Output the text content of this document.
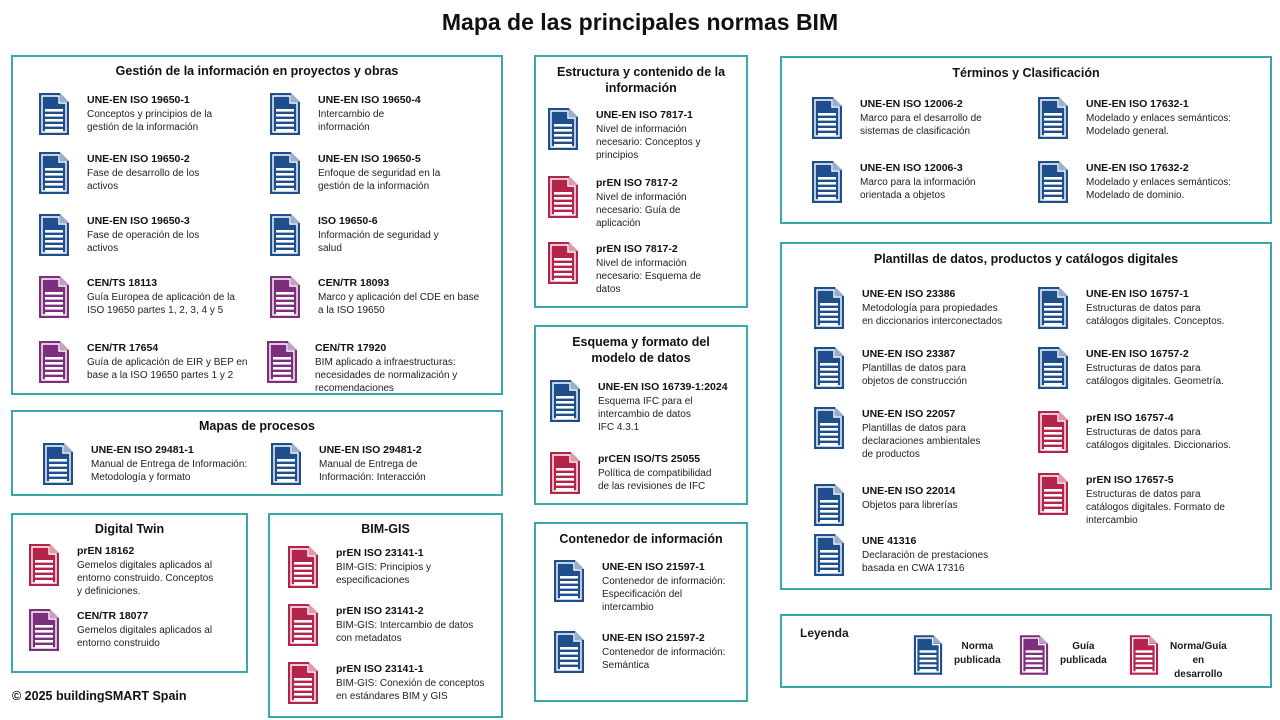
Mapa de las principales normas BIM
Gestión de la información en proyectos y obras
UNE-EN ISO 19650-1
Conceptos y principios de la
gestión de la información
UNE-EN ISO 19650-4
Intercambio de
información
UNE-EN ISO 19650-2
Fase de desarrollo de los
activos
UNE-EN ISO 19650-5
Enfoque de seguridad en la
gestión de la información
UNE-EN ISO 19650-3
Fase de operación de los
activos
ISO 19650-6
Información de seguridad y
salud
CEN/TS 18113
Guía Europea de aplicación de la
ISO 19650 partes 1, 2, 3, 4 y 5
CEN/TR 18093
Marco y aplicación del CDE en base
a la ISO 19650
CEN/TR 17654
Guía de aplicación de EIR y BEP en
base a la ISO 19650 partes 1 y 2
CEN/TR 17920
BIM aplicado a infraestructuras:
necesidades de normalización y
recomendaciones
Mapas de procesos
UNE-EN ISO 29481-1
Manual de Entrega de Información:
Metodología y formato
UNE-EN ISO 29481-2
Manual de Entrega de
Información: Interacción
Digital Twin
prEN 18162
Gemelos digitales aplicados al
entorno construido. Conceptos
y definiciones.
CEN/TR 18077
Gemelos digitales aplicados al
entorno construido
BIM-GIS
prEN ISO 23141-1
BIM-GIS: Principios y
especificaciones
prEN ISO 23141-2
BIM-GIS: Intercambio de datos
con metadatos
prEN ISO 23141-1
BIM-GIS: Conexión de conceptos
en estándares BIM y GIS
Estructura y contenido de la
información
UNE-EN ISO 7817-1
Nivel de información
necesario: Conceptos y
principios
prEN ISO 7817-2
Nivel de información
necesario: Guía de
aplicación
prEN ISO 7817-2
Nivel de información
necesario: Esquema de
datos
Esquema y formato del
modelo de datos
UNE-EN ISO 16739-1:2024
Esquema IFC para el
intercambio de datos
IFC 4.3.1
prCEN ISO/TS 25055
Política de compatibilidad
de las revisiones de IFC
Contenedor de información
UNE-EN ISO 21597-1
Contenedor de información:
Especificación del
intercambio
UNE-EN ISO 21597-2
Contenedor de información:
Semántica
Términos y Clasificación
UNE-EN ISO 12006-2
Marco para el desarrollo de
sistemas de clasificación
UNE-EN ISO 17632-1
Modelado y enlaces semánticos:
Modelado general.
UNE-EN ISO 12006-3
Marco para la información
orientada a objetos
UNE-EN ISO 17632-2
Modelado y enlaces semánticos:
Modelado de dominio.
Plantillas de datos, productos y catálogos digitales
UNE-EN ISO 23386
Metodología para propiedades
en diccionarios interconectados
UNE-EN ISO 16757-1
Estructuras de datos para
catálogos digitales. Conceptos.
UNE-EN ISO 23387
Plantillas de datos para
objetos de construcción
UNE-EN ISO 16757-2
Estructuras de datos para
catálogos digitales. Geometría.
UNE-EN ISO 22057
Plantillas de datos para
declaraciones ambientales
de productos
prEN ISO 16757-4
Estructuras de datos para
catálogos digitales. Diccionarios.
UNE-EN ISO 22014
Objetos para librerías
prEN ISO 17657-5
Estructuras de datos para
catálogos digitales. Formato de
intercambio
UNE 41316
Declaración de prestaciones
basada en CWA 17316
Leyenda
Norma
publicada
Guía
publicada
Norma/Guía
en desarrollo
© 2025 buildingSMART Spain
